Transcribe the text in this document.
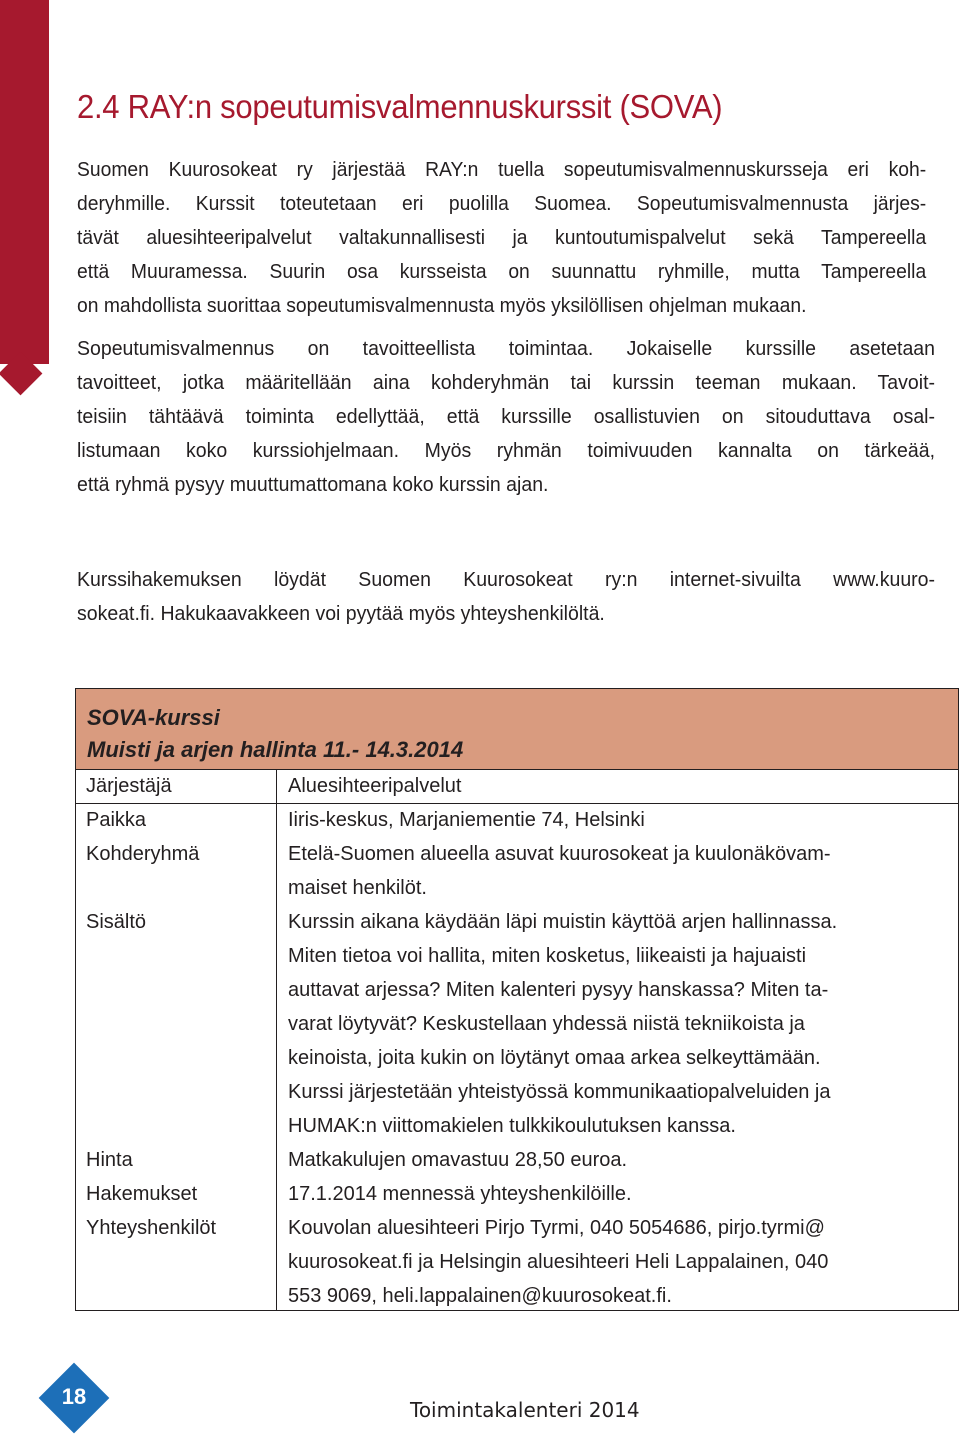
2.4 RAY:n sopeutumisvalmennuskurssit (SOVA)
Suomen Kuurosokeat ry järjestää RAY:n tuella sopeutumisvalmennuskursseja eri koh-
deryhmille. Kurssit toteutetaan eri puolilla Suomea. Sopeutumisvalmennusta järjes-
tävät aluesihteeripalvelut valtakunnallisesti ja kuntoutumispalvelut sekä Tampereella
että Muuramessa. Suurin osa kursseista on suunnattu ryhmille, mutta Tampereella
on mahdollista suorittaa sopeutumisvalmennusta myös yksilöllisen ohjelman mukaan.
Sopeutumisvalmennus on tavoitteellista toimintaa. Jokaiselle kurssille asetetaan
tavoitteet, jotka määritellään aina kohderyhmän tai kurssin teeman mukaan. Tavoit-
teisiin tähtäävä toiminta edellyttää, että kurssille osallistuvien on sitouduttava osal-
listumaan koko kurssiohjelmaan. Myös ryhmän toimivuuden kannalta on tärkeää,
että ryhmä pysyy muuttumattomana koko kurssin ajan.
Kurssihakemuksen löydät Suomen Kuurosokeat ry:n internet-sivuilta www.kuuro-
sokeat.fi. Hakukaavakkeen voi pyytää myös yhteyshenkilöltä.
SOVA-kurssi
Muisti ja arjen hallinta 11.- 14.3.2014
Järjestäjä	Aluesihteeripalvelut
Paikka	Iiris-keskus, Marjaniementie 74, Helsinki
Kohderyhmä	Etelä-Suomen alueella asuvat kuurosokeat ja kuulonäkövam-
maiset henkilöt.
Sisältö	Kurssin aikana käydään läpi muistin käyttöä arjen hallinnassa.
Miten tietoa voi hallita, miten kosketus, liikeaisti ja hajuaisti
auttavat arjessa? Miten kalenteri pysyy hanskassa? Miten ta-
varat löytyvät? Keskustellaan yhdessä niistä tekniikoista ja
keinoista, joita kukin on löytänyt omaa arkea selkeyttämään.
Kurssi järjestetään yhteistyössä kommunikaatiopalveluiden ja
HUMAK:n viittomakielen tulkkikoulutuksen kanssa.
Hinta	Matkakulujen omavastuu 28,50 euroa.
Hakemukset	17.1.2014 mennessä yhteyshenkilöille.
Yhteyshenkilöt	Kouvolan aluesihteeri Pirjo Tyrmi, 040 5054686, pirjo.tyrmi@
kuurosokeat.fi ja Helsingin aluesihteeri Heli Lappalainen, 040
553 9069, heli.lappalainen@kuurosokeat.fi.
18
Toimintakalenteri 2014
